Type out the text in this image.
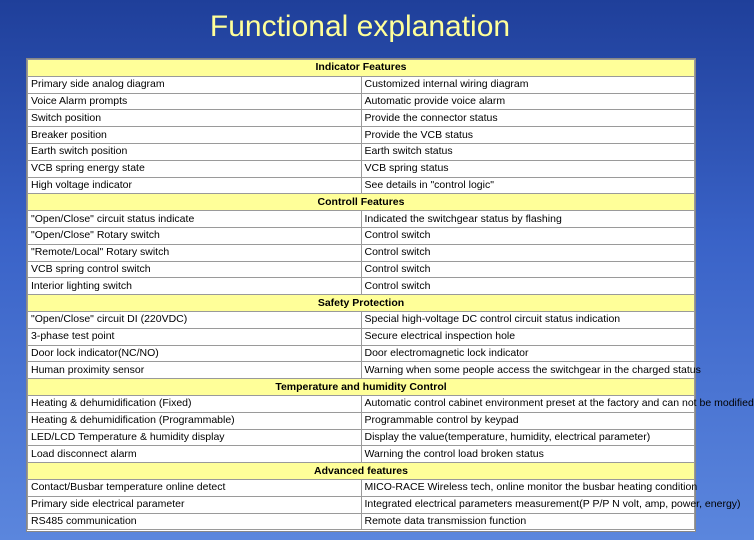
Functional explanation
Indicator Features	
Primary side analog diagram	Customized internal wiring diagram
Voice Alarm prompts	Automatic provide voice alarm
Switch position	Provide the connector status
Breaker position	Provide the VCB status
Earth switch position	Earth switch status
VCB spring energy state	VCB spring status
High voltage indicator	See details in "control logic"
Controll Features	
"Open/Close" circuit status indicate	Indicated the switchgear status by flashing
"Open/Close" Rotary switch	Control switch
"Remote/Local" Rotary switch	Control switch
VCB spring control switch	Control switch
Interior lighting switch	Control switch
Safety Protection	
"Open/Close" circuit DI (220VDC)	Special high-voltage DC control circuit status indication
3-phase test point	Secure electrical inspection hole
Door lock indicator(NC/NO)	Door electromagnetic lock indicator
Human proximity sensor	Warning when some people access the switchgear in the charged status
Temperature and humidity Control	
Heating & dehumidification (Fixed)	Automatic control cabinet environment preset at the factory and can not be modified
Heating & dehumidification (Programmable)	Programmable control by keypad
LED/LCD Temperature & humidity display	Display the value(temperature, humidity, electrical parameter)
Load disconnect alarm	Warning the control load broken status
Advanced features	
Contact/Busbar temperature online detect	MICO-RACE Wireless tech, online monitor the busbar heating condition
Primary side electrical parameter	Integrated electrical parameters measurement(P P/P N volt, amp, power, energy)
RS485 communication	Remote data transmission function
